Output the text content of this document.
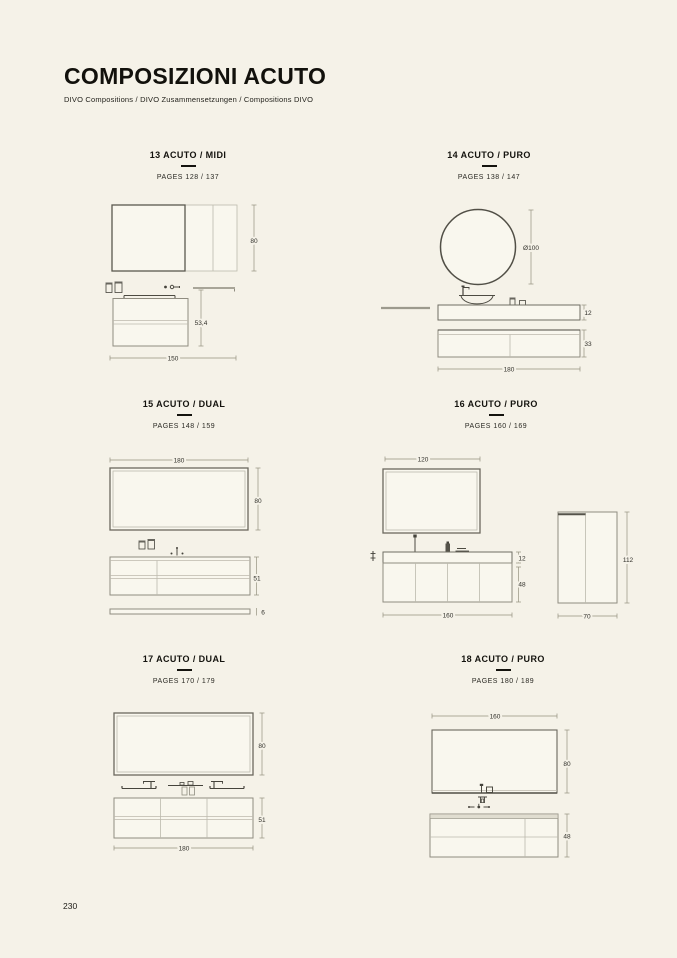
COMPOSIZIONI ACUTO

DIVO Compositions / DIVO Zusammensetzungen / Compositions DIVO

13 ACUTO / MIDI

PAGES 128 / 137

14 ACUTO / PURO

PAGES 138 / 147

15 ACUTO / DUAL

PAGES 148 / 159

16 ACUTO / PURO

PAGES 160 / 169

17 ACUTO / DUAL

PAGES 170 / 179

18 ACUTO / PURO

PAGES 180 / 189

80
53,4
150
Ø100
12
33
180
180
80
51
6
120
12
48
160
112
70
80
51
180
160
80
48
230
